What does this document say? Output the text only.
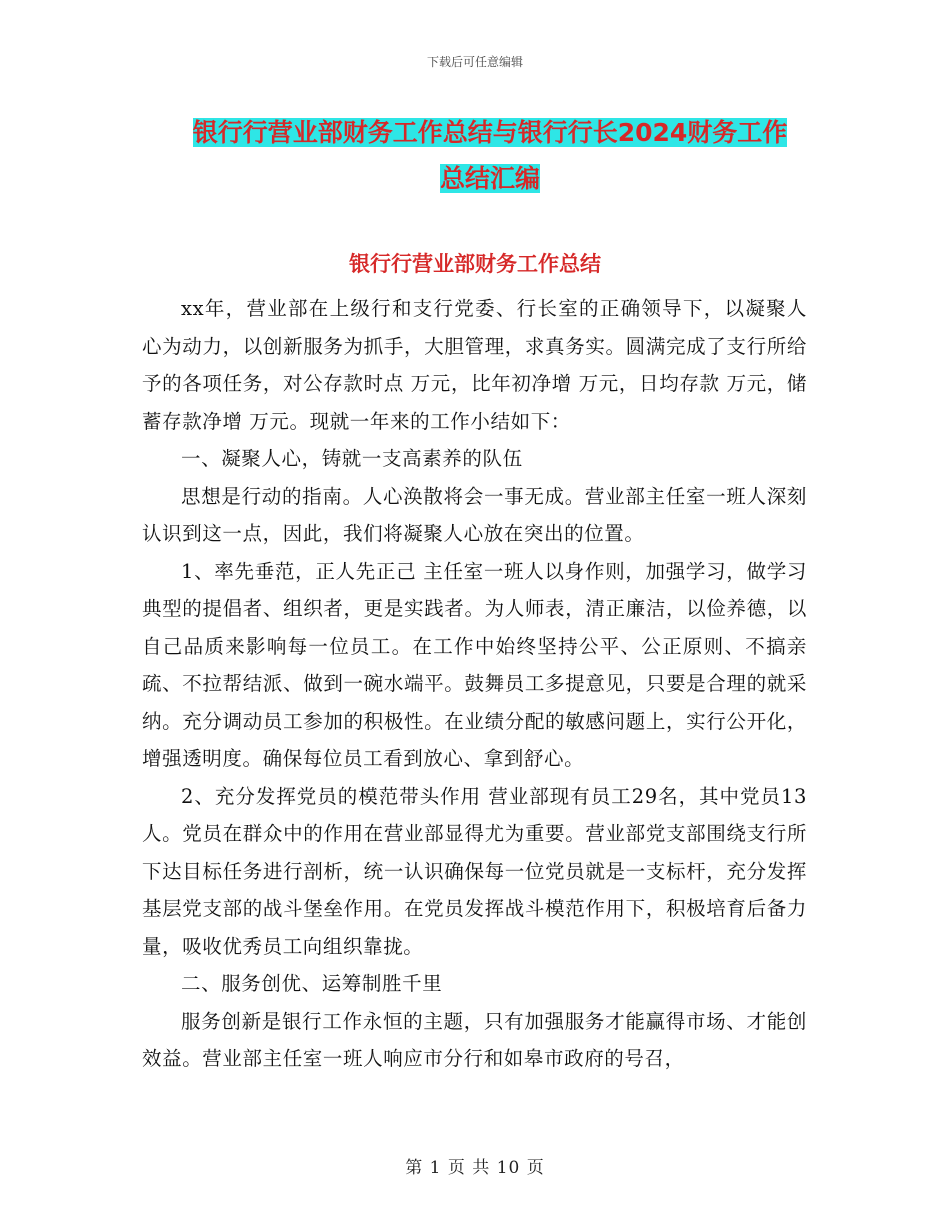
下载后可任意编辑
银行行营业部财务工作总结与银行行长2024财务工作
总结汇编
银行行营业部财务工作总结

xx年，营业部在上级行和支行党委、行长室的正确领导下，以凝聚人心为动力，以创新服务为抓手，大胆管理，求真务实。圆满完成了支行所给予的各项任务，对公存款时点 万元，比年初净增 万元，日均存款 万元，储蓄存款净增 万元。现就一年来的工作小结如下：

一、凝聚人心，铸就一支高素养的队伍

思想是行动的指南。人心涣散将会一事无成。营业部主任室一班人深刻认识到这一点，因此，我们将凝聚人心放在突出的位置。

1、率先垂范，正人先正己 主任室一班人以身作则，加强学习，做学习典型的提倡者、组织者，更是实践者。为人师表，清正廉洁，以俭养德，以自己品质来影响每一位员工。在工作中始终坚持公平、公正原则、不搞亲疏、不拉帮结派、做到一碗水端平。鼓舞员工多提意见，只要是合理的就采纳。充分调动员工参加的积极性。在业绩分配的敏感问题上，实行公开化，增强透明度。确保每位员工看到放心、拿到舒心。

2、充分发挥党员的模范带头作用 营业部现有员工29名，其中党员13人。党员在群众中的作用在营业部显得尤为重要。营业部党支部围绕支行所下达目标任务进行剖析，统一认识确保每一位党员就是一支标杆，充分发挥基层党支部的战斗堡垒作用。在党员发挥战斗模范作用下，积极培育后备力量，吸收优秀员工向组织靠拢。

二、服务创优、运筹制胜千里

服务创新是银行工作永恒的主题，只有加强服务才能赢得市场、才能创效益。营业部主任室一班人响应市分行和如皋市政府的号召，

第 1 页 共 10 页
